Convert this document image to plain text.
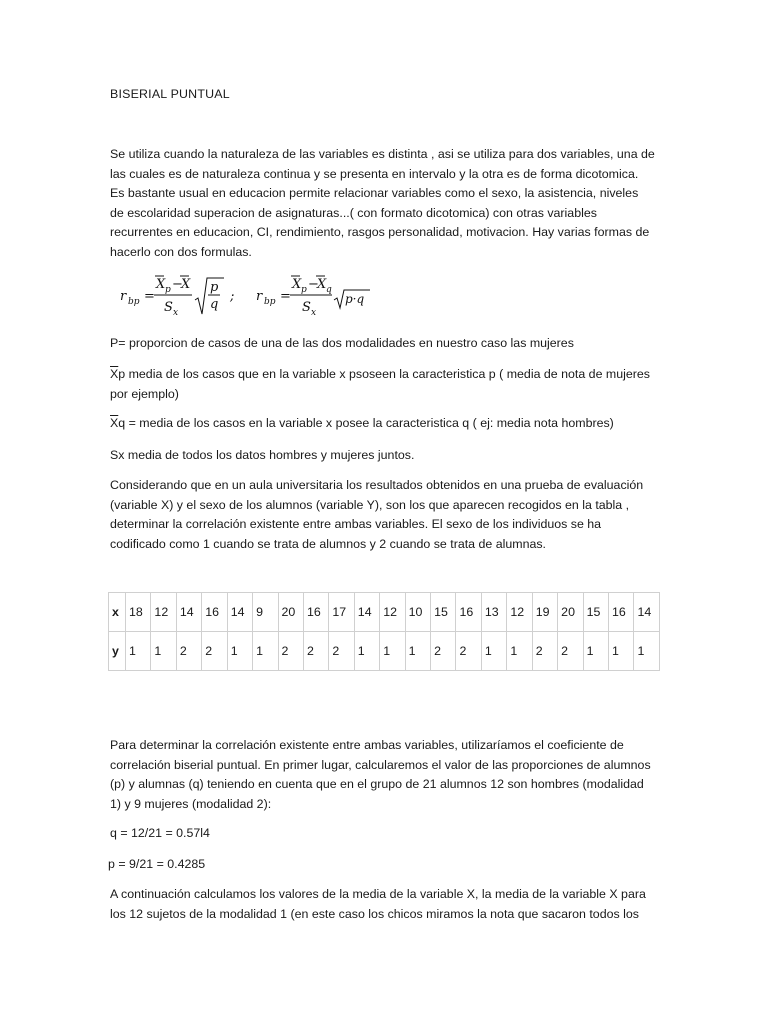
BISERIAL PUNTUAL

Se utiliza cuando la naturaleza de las variables es distinta , asi se utiliza para dos variables, una de las cuales es de naturaleza continua y se presenta en intervalo y la otra es de forma dicotomica. Es bastante usual en educacion permite relacionar variables como el sexo, la asistencia, niveles de escolaridad superacion de asignaturas...( con formato dicotomica) con otras variables recurrentes en educacion, CI, rendimiento, rasgos personalidad, motivacion. Hay varias formas de hacerlo con dos formulas.

r bp =
X p −
X
S x
p
q
; r bp =
X p −
X q
S x
p·q

P= proporcion de casos de una de las dos modalidades en nuestro caso las mujeres

$\overline{X}p$ media de los casos que en la variable x psoseen la caracteristica p ( media de nota de mujeres por ejemplo)

$\overline{X}q$ = media de los casos en la variable x posee la caracteristica q ( ej: media nota hombres)

Sx media de todos los datos hombres y mujeres juntos.

Considerando que en un aula universitaria los resultados obtenidos en una prueba de evaluación (variable X) y el sexo de los alumnos (variable Y), son los que aparecen recogidos en la tabla , determinar la correlación existente entre ambas variables. El sexo de los individuos se ha codificado como 1 cuando se trata de alumnos y 2 cuando se trata de alumnas.

x	18	12	14	16	14	9	20	16	17	14	12	10	15	16	13	12	19	20	15	16	14
y	1	1	2	2	1	1	2	2	2	1	1	1	2	2	1	1	2	2	1	1	1

Para determinar la correlación existente entre ambas variables, utilizaríamos el coeficiente de correlación biserial puntual. En primer lugar, calcularemos el valor de las proporciones de alumnos (p) y alumnas (q) teniendo en cuenta que en el grupo de 21 alumnos 12 son hombres (modalidad 1) y 9 mujeres (modalidad 2):

q = 12/21 = 0.57l4

p = 9/21 = 0.4285

A continuación calculamos los valores de la media de la variable X, la media de la variable X para los 12 sujetos de la modalidad 1 (en este caso los chicos miramos la nota que sacaron todos los
